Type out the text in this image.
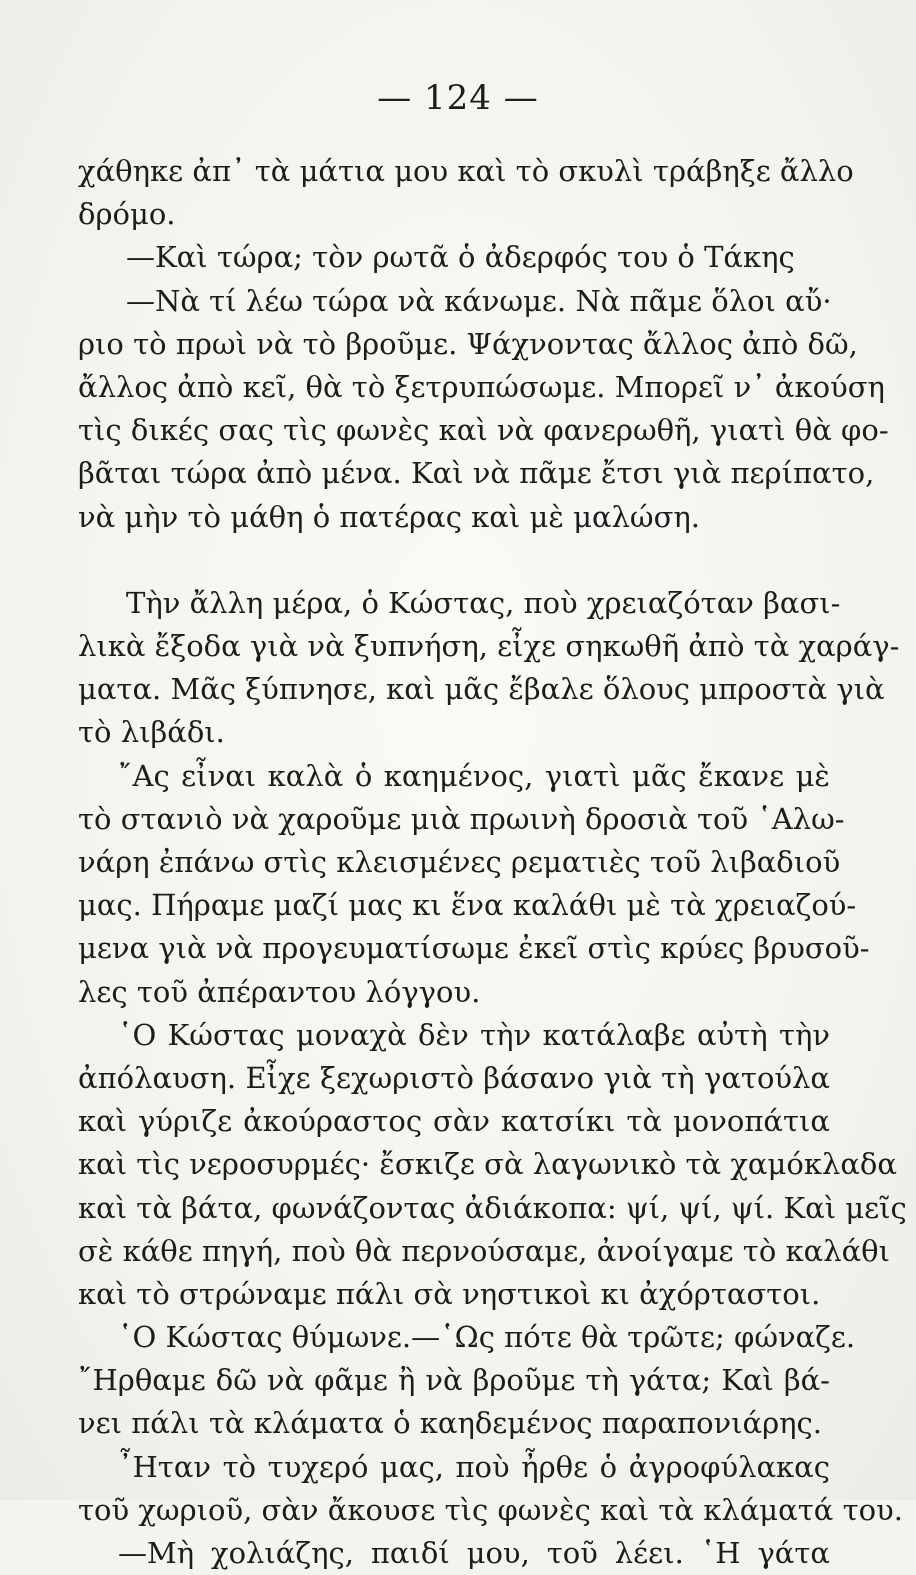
— 124 —
χάθηκε ἀπ᾽ τὰ μάτια μου καὶ τὸ σκυλὶ τράβηξε ἄλλο
δρόμο.
—Καὶ τώρα; τὸν ρωτᾶ ὁ ἀδερφός του ὁ Τάκης
—Νὰ τί λέω τώρα νὰ κάνωμε. Νὰ πᾶμε ὅλοι αὔ·
ριο τὸ πρωὶ νὰ τὸ βροῦμε. Ψάχνοντας ἄλλος ἀπὸ δῶ,
ἄλλος ἀπὸ κεῖ, θὰ τὸ ξετρυπώσωμε. Μπορεῖ ν᾽ ἀκούση
τὶς δικές σας τὶς φωνὲς καὶ νὰ φανερωθῆ, γιατὶ θὰ φο-
βᾶται τώρα ἀπὸ μένα. Καὶ νὰ πᾶμε ἔτσι γιὰ περίπατο,
νὰ μὴν τὸ μάθη ὁ πατέρας καὶ μὲ μαλώση.
Τὴν ἄλλη μέρα, ὁ Κώστας, ποὺ χρειαζόταν βασι-
λικὰ ἔξοδα γιὰ νὰ ξυπνήση, εἶχε σηκωθῆ ἀπὸ τὰ χαράγ-
ματα. Μᾶς ξύπνησε, καὶ μᾶς ἔβαλε ὅλους μπροστὰ γιὰ
τὸ λιβάδι.
῎Ας εἶναι καλὰ ὁ καημένος, γιατὶ μᾶς ἔκανε μὲ
τὸ στανιὸ νὰ χαροῦμε μιὰ πρωινὴ δροσιὰ τοῦ ῾Αλω-
νάρη ἐπάνω στὶς κλεισμένες ρεματιὲς τοῦ λιβαδιοῦ
μας. Πήραμε μαζί μας κι ἕνα καλάθι μὲ τὰ χρειαζού-
μενα γιὰ νὰ προγευματίσωμε ἐκεῖ στὶς κρύες βρυσοῦ-
λες τοῦ ἀπέραντου λόγγου.
῾Ο Κώστας μοναχὰ δὲν τὴν κατάλαβε αὐτὴ τὴν
ἀπόλαυση. Εἶχε ξεχωριστὸ βάσανο γιὰ τὴ γατούλα
καὶ γύριζε ἀκούραστος σὰν κατσίκι τὰ μονοπάτια
καὶ τὶς νεροσυρμές· ἔσκιζε σὰ λαγωνικὸ τὰ χαμόκλαδα
καὶ τὰ βάτα, φωνάζοντας ἀδιάκοπα: ψί, ψί, ψί. Καὶ μεῖς
σὲ κάθε πηγή, ποὺ θὰ περνούσαμε, ἀνοίγαμε τὸ καλάθι
καὶ τὸ στρώναμε πάλι σὰ νηστικοὶ κι ἀχόρταστοι.
῾Ο Κώστας θύμωνε.—῾Ως πότε θὰ τρῶτε; φώναζε.
῎Ηρθαμε δῶ νὰ φᾶμε ἢ νὰ βροῦμε τὴ γάτα; Καὶ βά-
νει πάλι τὰ κλάματα ὁ καηδεμένος παραπονιάρης.
῏Ηταν τὸ τυχερό μας, ποὺ ἦρθε ὁ ἀγροφύλακας
τοῦ χωριοῦ, σὰν ἄκουσε τὶς φωνὲς καὶ τὰ κλάματά του.
—Μὴ χολιάζης, παιδί μου, τοῦ λέει. ῾Η γάτα
